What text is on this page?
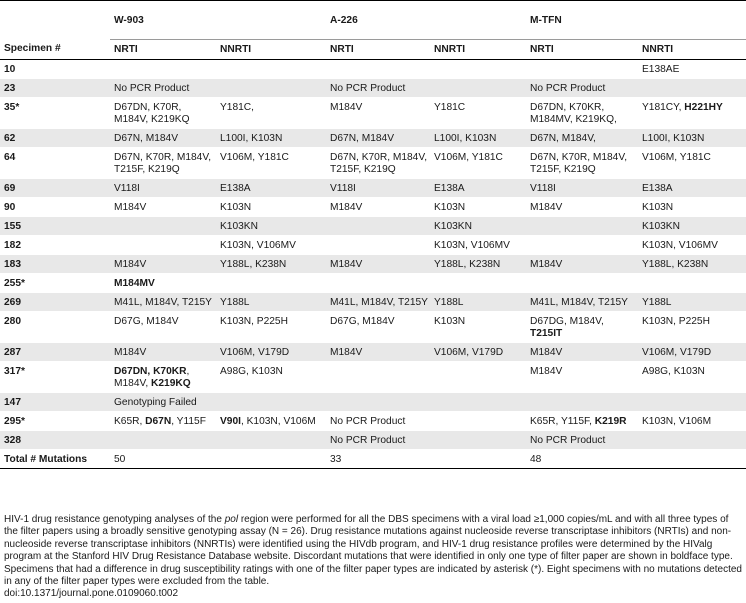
	W-903		A-226		M-TFN	
Specimen #	NRTI	NNRTI	NRTI	NNRTI	NRTI	NNRTI
10						E138AE
23	No PCR Product		No PCR Product		No PCR Product	
35*	D67DN, K70R, M184V, K219KQ	Y181C,	M184V	Y181C	D67DN, K70KR, M184MV, K219KQ,	Y181CY, H221HY
62	D67N, M184V	L100I, K103N	D67N, M184V	L100I, K103N	D67N, M184V,	L100I, K103N
64	D67N, K70R, M184V, T215F, K219Q	V106M, Y181C	D67N, K70R, M184V, T215F, K219Q	V106M, Y181C	D67N, K70R, M184V, T215F, K219Q	V106M, Y181C
69	V118I	E138A	V118I	E138A	V118I	E138A
90	M184V	K103N	M184V	K103N	M184V	K103N
155		K103KN		K103KN		K103KN
182		K103N, V106MV		K103N, V106MV		K103N, V106MV
183	M184V	Y188L, K238N	M184V	Y188L, K238N	M184V	Y188L, K238N
255*	M184MV					
269	M41L, M184V, T215Y	Y188L	M41L, M184V, T215Y	Y188L	M41L, M184V, T215Y	Y188L
280	D67G, M184V	K103N, P225H	D67G, M184V	K103N	D67DG, M184V, T215IT	K103N, P225H
287	M184V	V106M, V179D	M184V	V106M, V179D	M184V	V106M, V179D
317*	D67DN, K70KR, M184V, K219KQ	A98G, K103N			M184V	A98G, K103N
147	Genotyping Failed					
295*	K65R, D67N, Y115F	V90I, K103N, V106M	No PCR Product		K65R, Y115F, K219R	K103N, V106M
328			No PCR Product		No PCR Product	
Total # Mutations	50		33		48	

HIV-1 drug resistance genotyping analyses of the pol region were performed for all the DBS specimens with a viral load ≥1,000 copies/mL and with all three types of the filter papers using a broadly sensitive genotyping assay (N = 26). Drug resistance mutations against nucleoside reverse transcriptase inhibitors (NRTIs) and non-nucleoside reverse transcriptase inhibitors (NNRTIs) were identified using the HIVdb program, and HIV-1 drug resistance profiles were determined by the HIValg program at the Stanford HIV Drug Resistance Database website. Discordant mutations that were identified in only one type of filter paper are shown in boldface type. Specimens that had a difference in drug susceptibility ratings with one of the filter paper types are indicated by asterisk (*). Eight specimens with no mutations detected in any of the filter paper types were excluded from the table.

doi:10.1371/journal.pone.0109060.t002
